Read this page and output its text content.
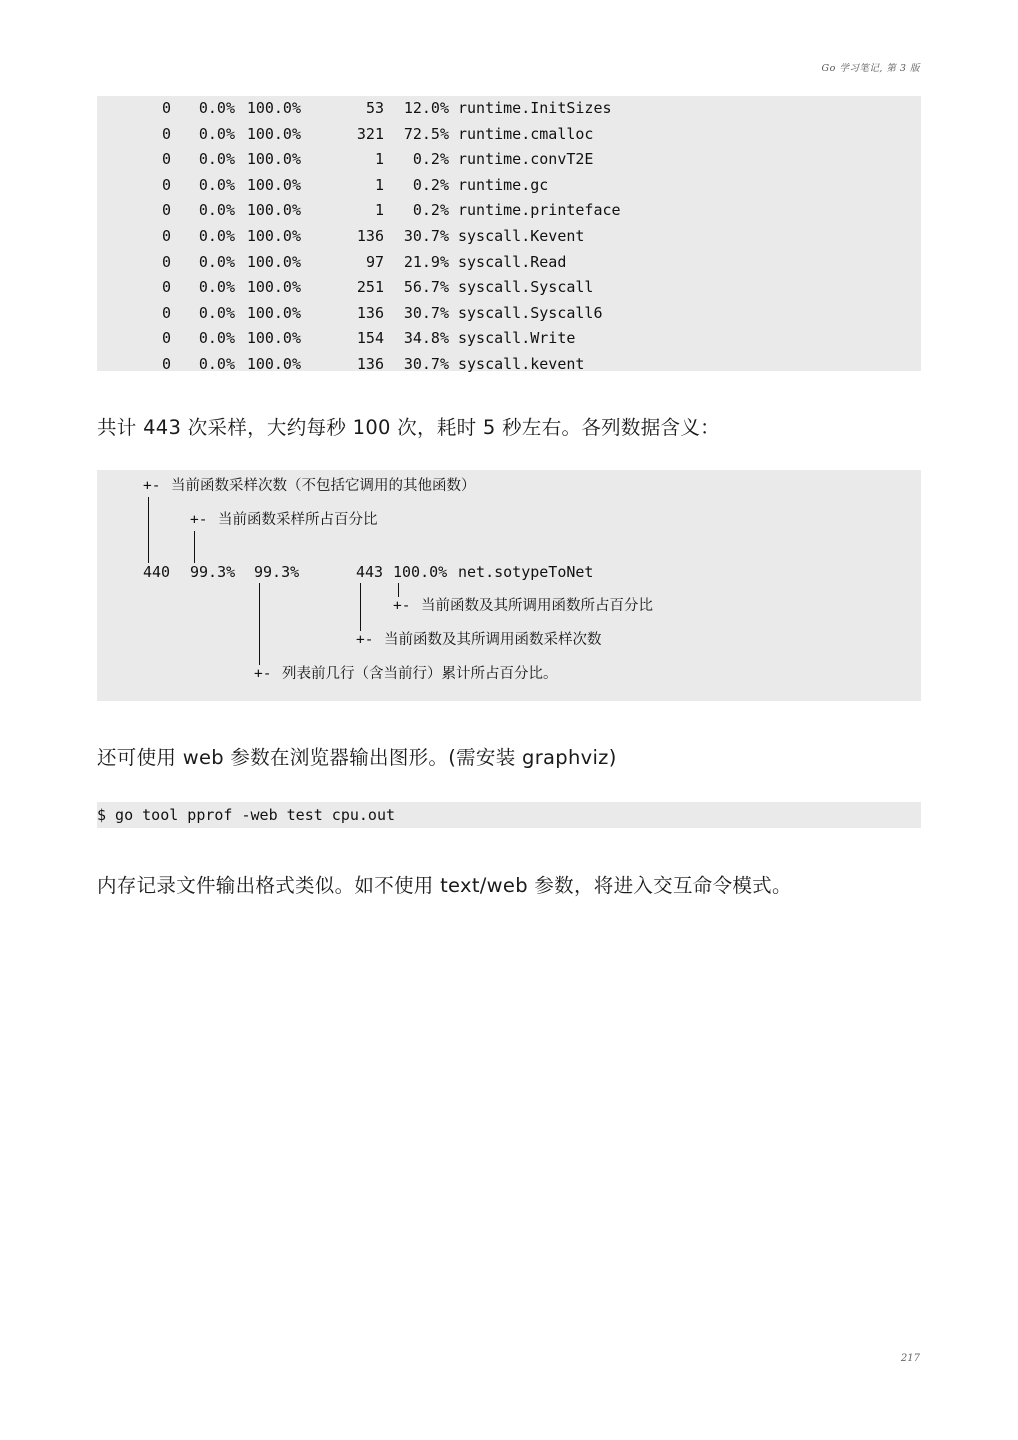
Go 学习笔记, 第 3 版
0	0.0% 100.0%	53	12.0% runtime.InitSizes
0	0.0% 100.0%	321	72.5% runtime.cmalloc
0	0.0% 100.0%	1	0.2% runtime.convT2E
0	0.0% 100.0%	1	0.2% runtime.gc
0	0.0% 100.0%	1	0.2% runtime.printeface
0	0.0% 100.0%	136	30.7% syscall.Kevent
0	0.0% 100.0%	97	21.9% syscall.Read
0	0.0% 100.0%	251	56.7% syscall.Syscall
0	0.0% 100.0%	136	30.7% syscall.Syscall6
0	0.0% 100.0%	154	34.8% syscall.Write
0	0.0% 100.0%	136	30.7% syscall.kevent
共计 443 次采样，大约每秒 100 次，耗时 5 秒左右。各列数据含义：
+- 当前函数采样次数（不包括它调用的其他函数）
+- 当前函数采样所占百分比
440 99.3% 99.3%	443 100.0% net.sotypeToNet
+- 当前函数及其所调用函数所占百分比
+- 当前函数及其所调用函数采样次数
+- 列表前几行（含当前行）累计所占百分比。
还可使用 web 参数在浏览器输出图形。(需安装 graphviz)
$ go tool pprof -web test cpu.out
内存记录文件输出格式类似。如不使用 text/web 参数，将进入交互命令模式。
217
